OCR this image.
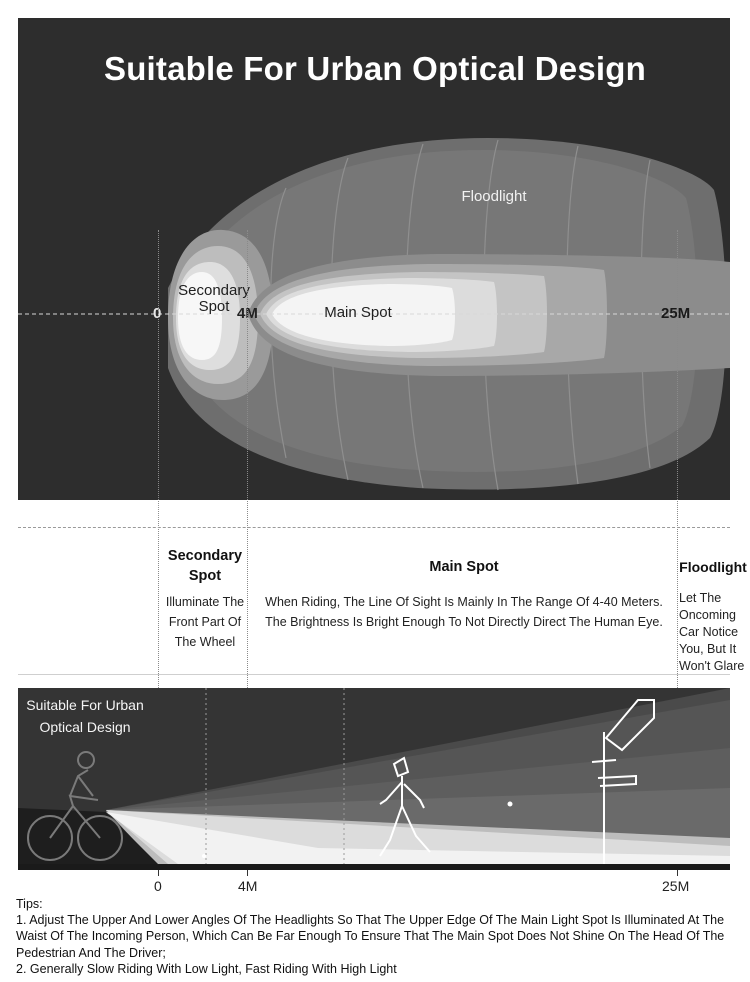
Suitable For Urban Optical Design
Floodlight
Secondary Spot	Main Spot
0	4M	25M
Secondary Spot
Illuminate The Front Part Of The Wheel
Main Spot
When Riding, The Line Of Sight Is Mainly In The Range Of 4-40 Meters.
The Brightness Is Bright Enough To Not Directly Direct The Human Eye.
Floodlight
Let The Oncoming Car Notice You, But It Won't Glare
Suitable For Urban Optical Design
0	4M	25M
Tips:
1. Adjust The Upper And Lower Angles Of The Headlights So That The Upper Edge Of The Main Light Spot Is Illuminated At The Waist Of The Incoming Person, Which Can Be Far Enough To Ensure That The Main Spot Does Not Shine On The Head Of The Pedestrian And The Driver;
2. Generally Slow Riding With Low Light, Fast Riding With High Light
